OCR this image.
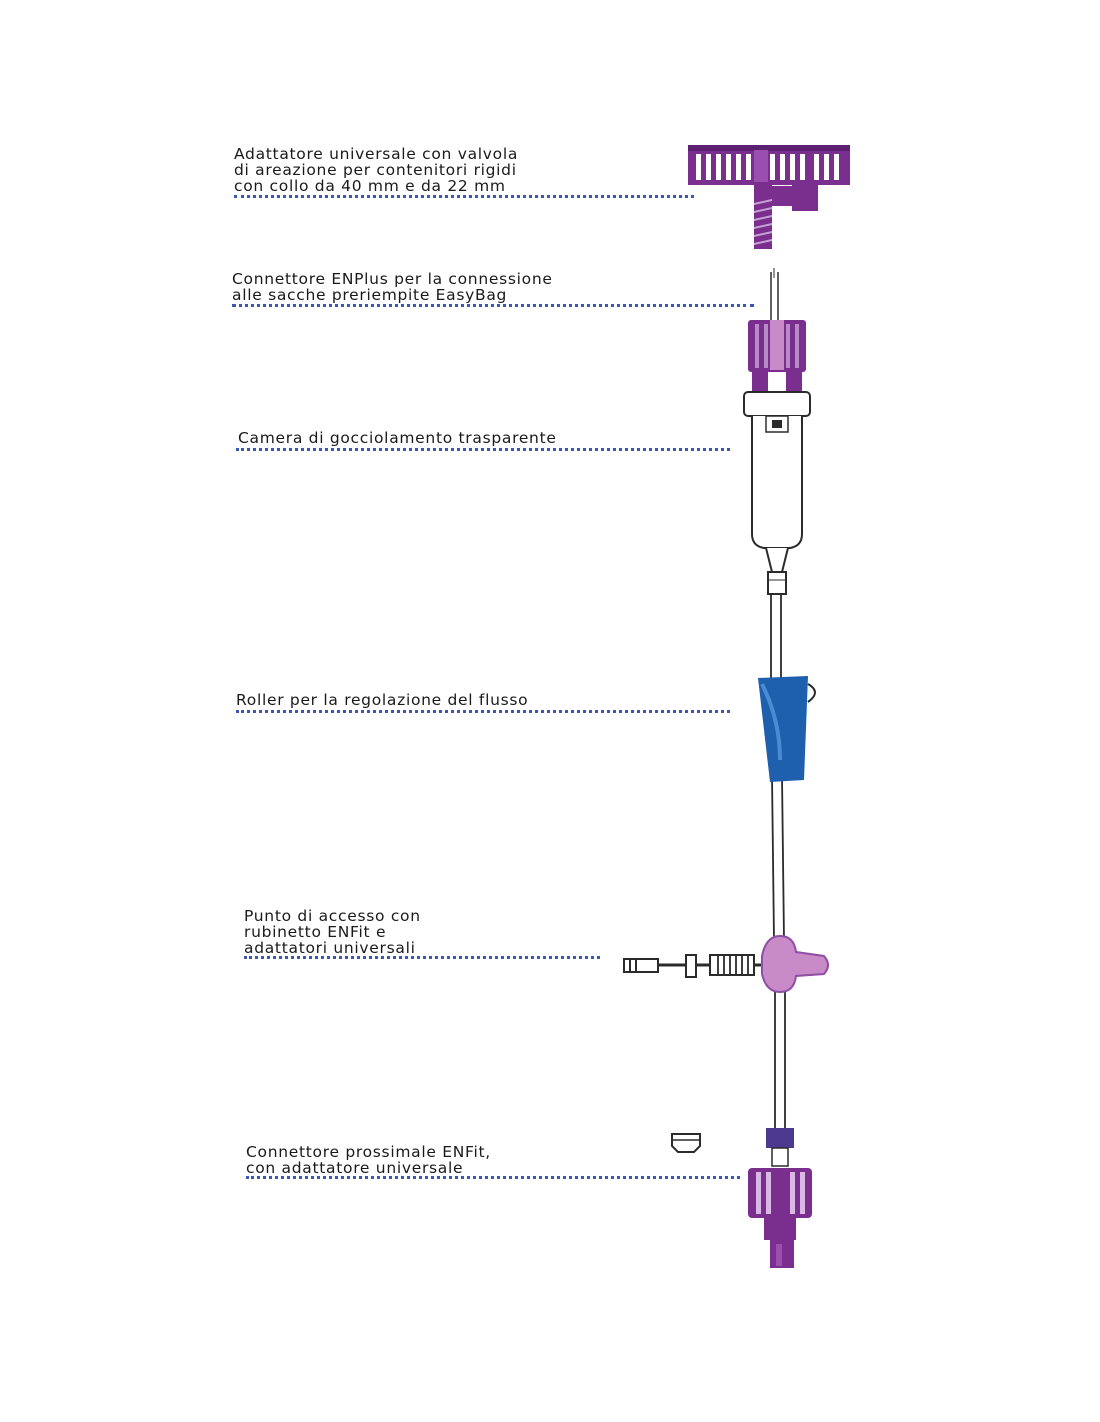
Adattatore universale con valvola
di areazione per contenitori rigidi
con collo da 40 mm e da 22 mm
Connettore ENPlus per la connessione
alle sacche preriempite EasyBag
Camera di gocciolamento trasparente
Roller per la regolazione del flusso
Punto di accesso con
rubinetto ENFit e
adattatori universali
Connettore prossimale ENFit,
con adattatore universale
